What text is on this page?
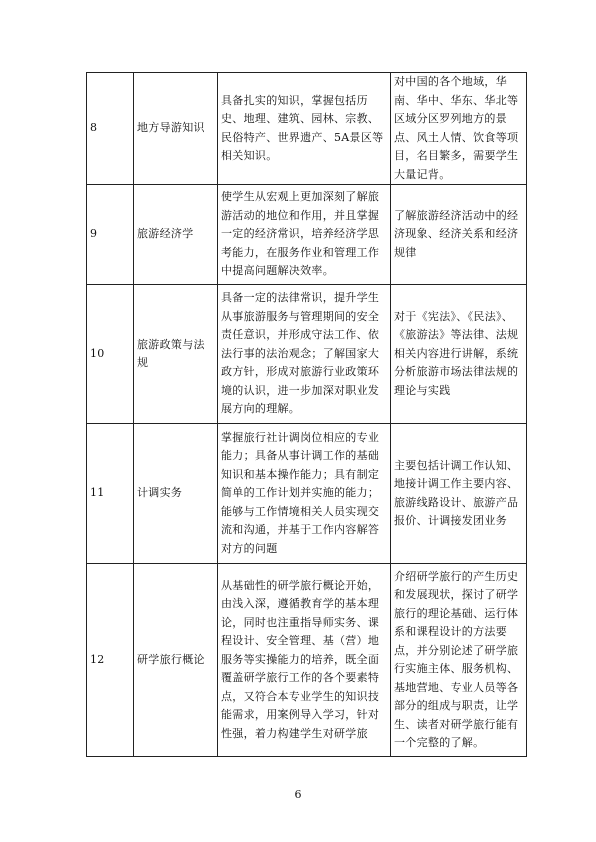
8	地方导游知识	具备扎实的知识，掌握包括历史、地理、建筑、园林、宗教、民俗特产、世界遗产、5A景区等相关知识。	对中国的各个地域，华南、华中、华东、华北等区域分区罗列地方的景点、风土人情、饮食等项目，名目繁多，需要学生大量记背。
9	旅游经济学	使学生从宏观上更加深刻了解旅游活动的地位和作用，并且掌握一定的经济常识，培养经济学思考能力，在服务作业和管理工作中提高问题解决效率。	了解旅游经济活动中的经济现象、经济关系和经济规律
10	旅游政策与法规	具备一定的法律常识，提升学生从事旅游服务与管理期间的安全责任意识，并形成守法工作、依法行事的法治观念；了解国家大政方针，形成对旅游行业政策环境的认识，进一步加深对职业发展方向的理解。	对于《宪法》、《民法》、《旅游法》等法律、法规相关内容进行讲解，系统分析旅游市场法律法规的理论与实践
11	计调实务	掌握旅行社计调岗位相应的专业能力；具备从事计调工作的基础知识和基本操作能力；具有制定简单的工作计划并实施的能力；能够与工作情境相关人员实现交流和沟通，并基于工作内容解答对方的问题	主要包括计调工作认知、地接计调工作主要内容、旅游线路设计、旅游产品报价、计调接发团业务
12	研学旅行概论	从基础性的研学旅行概论开始，由浅入深，遵循教育学的基本理论，同时也注重指导师实务、课程设计、安全管理、基（营）地服务等实操能力的培养，既全面覆盖研学旅行工作的各个要素特点，又符合本专业学生的知识技能需求，用案例导入学习，针对性强，着力构建学生对研学旅	介绍研学旅行的产生历史和发展现状，探讨了研学旅行的理论基础、运行体系和课程设计的方法要点，并分别论述了研学旅行实施主体、服务机构、基地营地、专业人员等各部分的组成与职责，让学生、读者对研学旅行能有一个完整的了解。
6
